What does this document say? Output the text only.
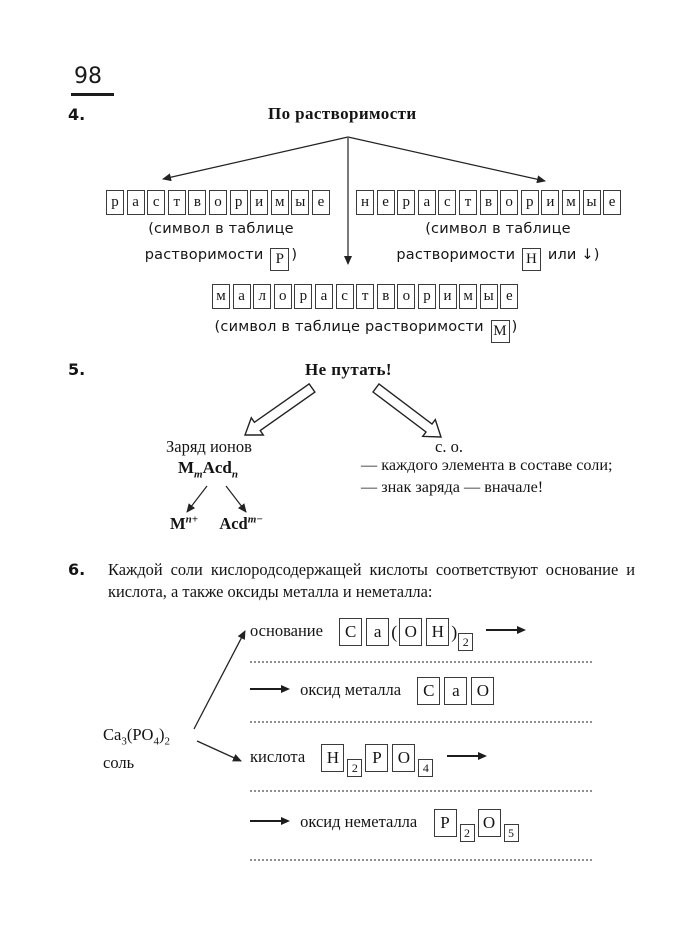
98
4.	По растворимости
р а с т в о р и м ы е
(символ в таблице
растворимости Р )
н е р а с т в о р и м ы е
(символ в таблице
растворимости Н или ↓)
м а л о р а с т в о р и м ы е
(символ в таблице растворимости М )
5.	Не путать!
Заряд ионов
$M_mAcd_n$
$M^{n+}$ Acd$^{m-}$
с. о.
— каждого элемента в составе соли;
— знак заряда — вначале!
6. Каждой соли кислородсодержащей кислоты соответствуют основание и кислота, а также оксиды металла и неметалла:
$Ca_3(PO_4)_2$
соль
основание C a ( O H ) 2
оксид металла C a O
кислота H2P O4
оксид неметалла P2O5
